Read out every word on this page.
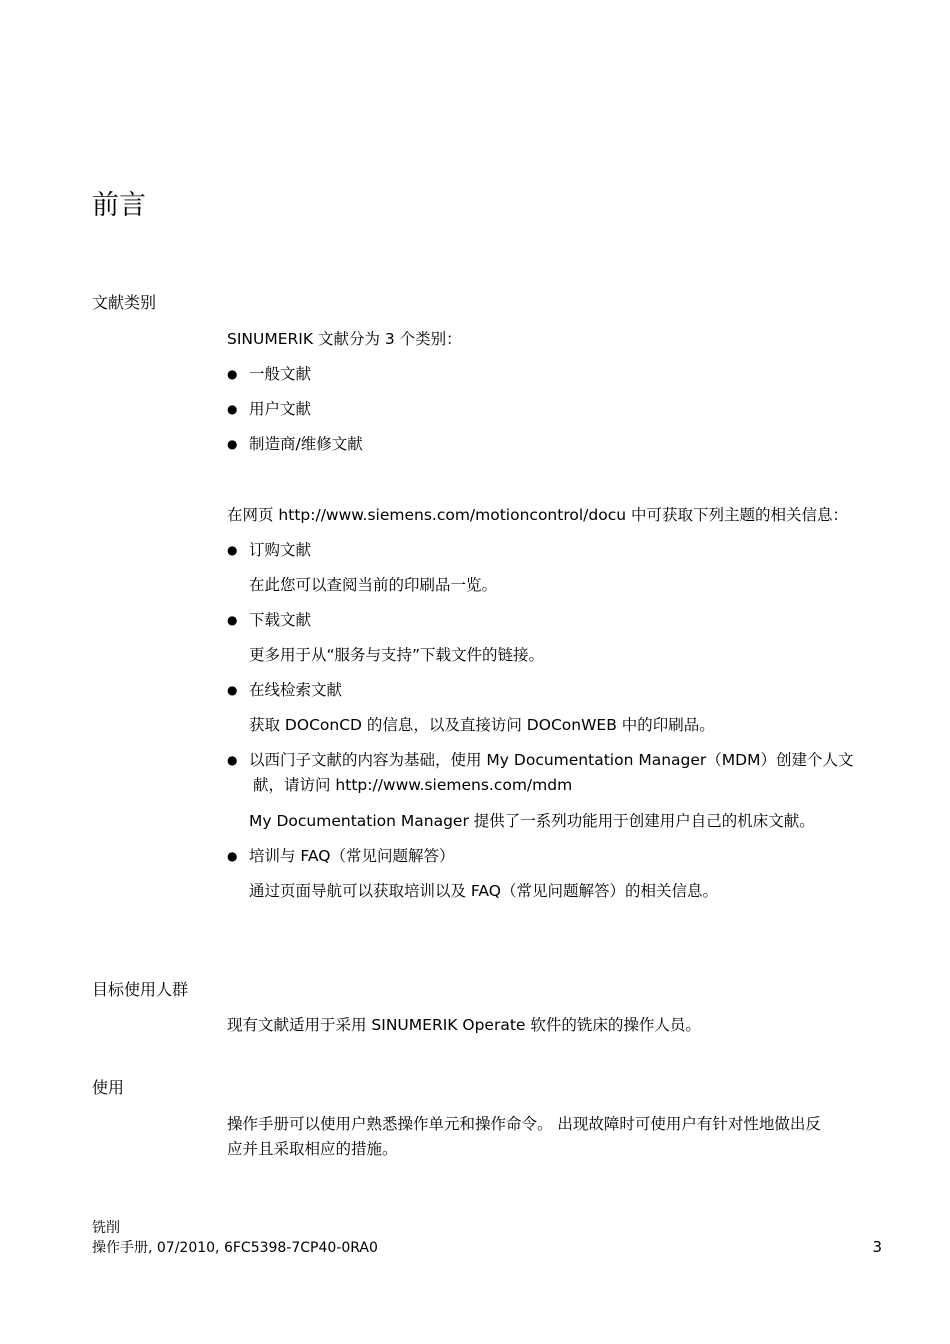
前言
文献类别
SINUMERIK 文献分为 3 个类别：
● 一般文献
● 用户文献
● 制造商/维修文献
在网页 http://www.siemens.com/motioncontrol/docu 中可获取下列主题的相关信息：
● 订购文献
在此您可以查阅当前的印刷品一览。
● 下载文献
更多用于从“服务与支持”下载文件的链接。
● 在线检索文献
获取 DOConCD 的信息，以及直接访问 DOConWEB 中的印刷品。
● 以西门子文献的内容为基础，使用 My Documentation Manager（MDM）创建个人文
献，请访问 http://www.siemens.com/mdm
My Documentation Manager 提供了一系列功能用于创建用户自己的机床文献。
● 培训与 FAQ（常见问题解答）
通过页面导航可以获取培训以及 FAQ（常见问题解答）的相关信息。
目标使用人群
现有文献适用于采用 SINUMERIK Operate 软件的铣床的操作人员。
使用
操作手册可以使用户熟悉操作单元和操作命令。 出现故障时可使用户有针对性地做出反
应并且采取相应的措施。
铣削
操作手册, 07/2010, 6FC5398-7CP40-0RA0	3
